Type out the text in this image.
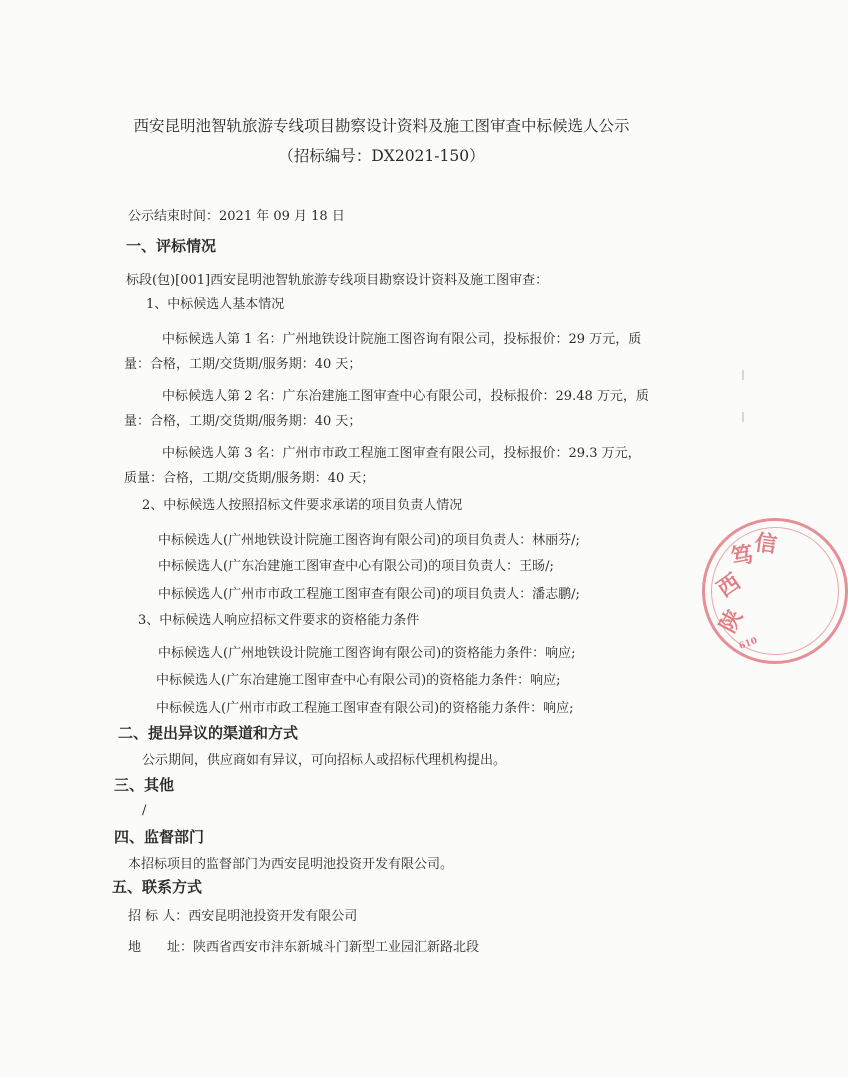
西安昆明池智轨旅游专线项目勘察设计资料及施工图审查中标候选人公示
（招标编号：DX2021-150）
公示结束时间：2021 年 09 月 18 日
一、评标情况
标段(包)[001]西安昆明池智轨旅游专线项目勘察设计资料及施工图审查：
1、中标候选人基本情况
中标候选人第 1 名：广州地铁设计院施工图咨询有限公司，投标报价：29 万元，质
量：合格，工期/交货期/服务期：40 天；
中标候选人第 2 名：广东冶建施工图审查中心有限公司，投标报价：29.48 万元，质
量：合格，工期/交货期/服务期：40 天；
中标候选人第 3 名：广州市市政工程施工图审查有限公司，投标报价：29.3 万元，
质量：合格，工期/交货期/服务期：40 天；
2、中标候选人按照招标文件要求承诺的项目负责人情况
中标候选人(广州地铁设计院施工图咨询有限公司)的项目负责人：林丽芬/;
中标候选人(广东冶建施工图审查中心有限公司)的项目负责人：王旸/;
中标候选人(广州市市政工程施工图审查有限公司)的项目负责人：潘志鹏/;
3、中标候选人响应招标文件要求的资格能力条件
中标候选人(广州地铁设计院施工图咨询有限公司)的资格能力条件：响应;
中标候选人(广东冶建施工图审查中心有限公司)的资格能力条件：响应;
中标候选人(广州市市政工程施工图审查有限公司)的资格能力条件：响应;
二、提出异议的渠道和方式
公示期间，供应商如有异议，可向招标人或招标代理机构提出。
三、其他
/
四、监督部门
本招标项目的监督部门为西安昆明池投资开发有限公司。
五、联系方式
招 标 人：西安昆明池投资开发有限公司
地　　址：陕西省西安市沣东新城斗门新型工业园汇新路北段
陕
西
笃
信
610
